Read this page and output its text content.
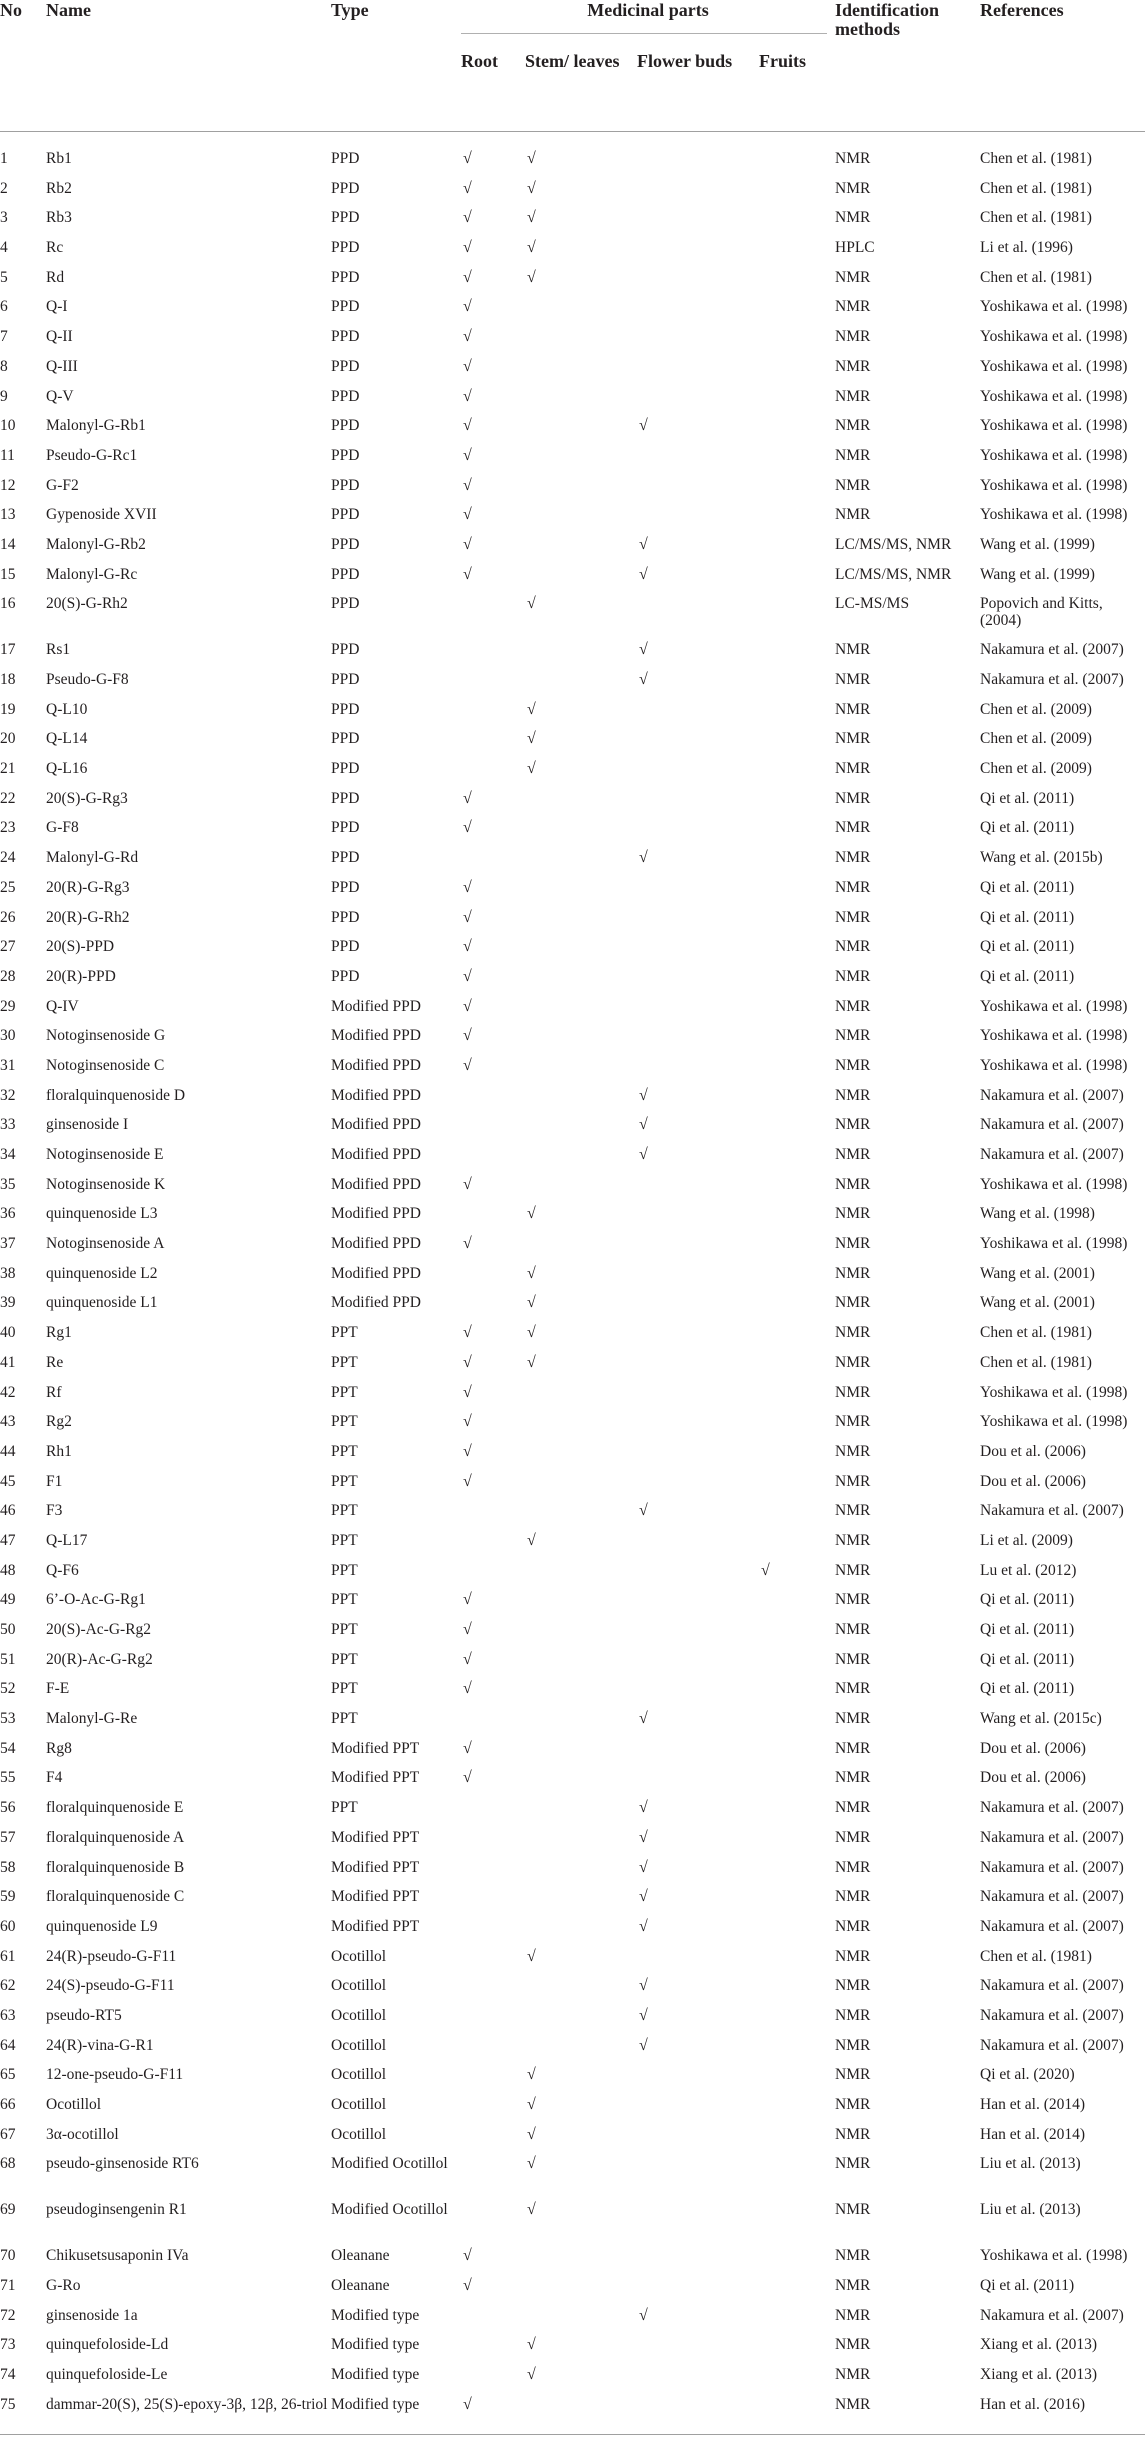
No	Name	Type	Medicinal parts				Identification methods	References
			Root	Stem/ leaves	Flower buds	Fruits		

1	Rb1	PPD	√	√			NMR	Chen et al. (1981)
2	Rb2	PPD	√	√			NMR	Chen et al. (1981)
3	Rb3	PPD	√	√			NMR	Chen et al. (1981)
4	Rc	PPD	√	√			HPLC	Li et al. (1996)
5	Rd	PPD	√	√			NMR	Chen et al. (1981)
6	Q-I	PPD	√				NMR	Yoshikawa et al. (1998)
7	Q-II	PPD	√				NMR	Yoshikawa et al. (1998)
8	Q-III	PPD	√				NMR	Yoshikawa et al. (1998)
9	Q-V	PPD	√				NMR	Yoshikawa et al. (1998)
10	Malonyl-G-Rb1	PPD	√		√		NMR	Yoshikawa et al. (1998)
11	Pseudo-G-Rc1	PPD	√				NMR	Yoshikawa et al. (1998)
12	G-F2	PPD	√				NMR	Yoshikawa et al. (1998)
13	Gypenoside XVII	PPD	√				NMR	Yoshikawa et al. (1998)
14	Malonyl-G-Rb2	PPD	√		√		LC/MS/MS, NMR	Wang et al. (1999)
15	Malonyl-G-Rc	PPD	√		√		LC/MS/MS, NMR	Wang et al. (1999)
16	20(S)-G-Rh2	PPD		√			LC-MS/MS	Popovich and Kitts, (2004)
17	Rs1	PPD			√		NMR	Nakamura et al. (2007)
18	Pseudo-G-F8	PPD			√		NMR	Nakamura et al. (2007)
19	Q-L10	PPD		√			NMR	Chen et al. (2009)
20	Q-L14	PPD		√			NMR	Chen et al. (2009)
21	Q-L16	PPD		√			NMR	Chen et al. (2009)
22	20(S)-G-Rg3	PPD	√				NMR	Qi et al. (2011)
23	G-F8	PPD	√				NMR	Qi et al. (2011)
24	Malonyl-G-Rd	PPD			√		NMR	Wang et al. (2015b)
25	20(R)-G-Rg3	PPD	√				NMR	Qi et al. (2011)
26	20(R)-G-Rh2	PPD	√				NMR	Qi et al. (2011)
27	20(S)-PPD	PPD	√				NMR	Qi et al. (2011)
28	20(R)-PPD	PPD	√				NMR	Qi et al. (2011)
29	Q-IV	Modified PPD	√				NMR	Yoshikawa et al. (1998)
30	Notoginsenoside G	Modified PPD	√				NMR	Yoshikawa et al. (1998)
31	Notoginsenoside C	Modified PPD	√				NMR	Yoshikawa et al. (1998)
32	floralquinquenoside D	Modified PPD			√		NMR	Nakamura et al. (2007)
33	ginsenoside I	Modified PPD			√		NMR	Nakamura et al. (2007)
34	Notoginsenoside E	Modified PPD			√		NMR	Nakamura et al. (2007)
35	Notoginsenoside K	Modified PPD	√				NMR	Yoshikawa et al. (1998)
36	quinquenoside L3	Modified PPD		√			NMR	Wang et al. (1998)
37	Notoginsenoside A	Modified PPD	√				NMR	Yoshikawa et al. (1998)
38	quinquenoside L2	Modified PPD		√			NMR	Wang et al. (2001)
39	quinquenoside L1	Modified PPD		√			NMR	Wang et al. (2001)
40	Rg1	PPT	√	√			NMR	Chen et al. (1981)
41	Re	PPT	√	√			NMR	Chen et al. (1981)
42	Rf	PPT	√				NMR	Yoshikawa et al. (1998)
43	Rg2	PPT	√				NMR	Yoshikawa et al. (1998)
44	Rh1	PPT	√				NMR	Dou et al. (2006)
45	F1	PPT	√				NMR	Dou et al. (2006)
46	F3	PPT			√		NMR	Nakamura et al. (2007)
47	Q-L17	PPT		√			NMR	Li et al. (2009)
48	Q-F6	PPT				√	NMR	Lu et al. (2012)
49	6’-O-Ac-G-Rg1	PPT	√				NMR	Qi et al. (2011)
50	20(S)-Ac-G-Rg2	PPT	√				NMR	Qi et al. (2011)
51	20(R)-Ac-G-Rg2	PPT	√				NMR	Qi et al. (2011)
52	F-E	PPT	√				NMR	Qi et al. (2011)
53	Malonyl-G-Re	PPT			√		NMR	Wang et al. (2015c)
54	Rg8	Modified PPT	√				NMR	Dou et al. (2006)
55	F4	Modified PPT	√				NMR	Dou et al. (2006)
56	floralquinquenoside E	PPT			√		NMR	Nakamura et al. (2007)
57	floralquinquenoside A	Modified PPT			√		NMR	Nakamura et al. (2007)
58	floralquinquenoside B	Modified PPT			√		NMR	Nakamura et al. (2007)
59	floralquinquenoside C	Modified PPT			√		NMR	Nakamura et al. (2007)
60	quinquenoside L9	Modified PPT			√		NMR	Nakamura et al. (2007)
61	24(R)-pseudo-G-F11	Ocotillol		√			NMR	Chen et al. (1981)
62	24(S)-pseudo-G-F11	Ocotillol			√		NMR	Nakamura et al. (2007)
63	pseudo-RT5	Ocotillol			√		NMR	Nakamura et al. (2007)
64	24(R)-vina-G-R1	Ocotillol			√		NMR	Nakamura et al. (2007)
65	12-one-pseudo-G-F11	Ocotillol		√			NMR	Qi et al. (2020)
66	Ocotillol	Ocotillol		√			NMR	Han et al. (2014)
67	3α-ocotillol	Ocotillol		√			NMR	Han et al. (2014)
68	pseudo-ginsenoside RT6	Modified Ocotillol		√			NMR	Liu et al. (2013)
69	pseudoginsengenin R1	Modified Ocotillol		√			NMR	Liu et al. (2013)
70	Chikusetsusaponin IVa	Oleanane	√				NMR	Yoshikawa et al. (1998)
71	G-Ro	Oleanane	√				NMR	Qi et al. (2011)
72	ginsenoside 1a	Modified type			√		NMR	Nakamura et al. (2007)
73	quinquefoloside-Ld	Modified type		√			NMR	Xiang et al. (2013)
74	quinquefoloside-Le	Modified type		√			NMR	Xiang et al. (2013)
75	dammar-20(S), 25(S)-epoxy-3β, 12β, 26-triol	Modified type	√				NMR	Han et al. (2016)
